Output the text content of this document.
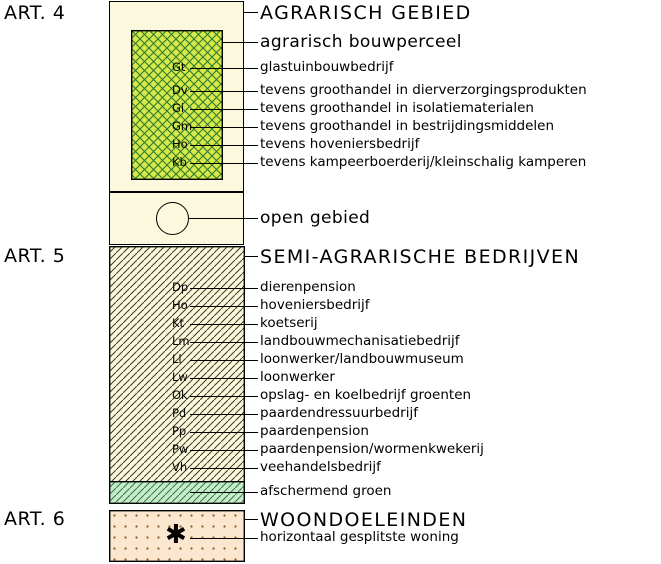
ART. 4	AGRARISCH GEBIED
agrarisch bouwperceel
Gt	glastuinbouwbedrijf
Dv	tevens groothandel in dierverzorgingsprodukten
Gi	tevens groothandel in isolatiematerialen
Gm	tevens groothandel in bestrijdingsmiddelen
Ho	tevens hoveniersbedrijf
Kb	tevens kampeerboerderij/kleinschalig kamperen
open gebied
ART. 5	SEMI-AGRARISCHE BEDRIJVEN
Dp	dierenpension
Ho	hoveniersbedrijf
Kt	koetserij
Lm	landbouwmechanisatiebedrijf
Ll	loonwerker/landbouwmuseum
Lw	loonwerker
Ok	opslag- en koelbedrijf groenten
Pd	paardendressuurbedrijf
Pp	paardenpension
Pw	paardenpension/wormenkwekerij
Vh	veehandelsbedrijf
afschermend groen
ART. 6	WOONDOELEINDEN
✱	horizontaal gesplitste woning
